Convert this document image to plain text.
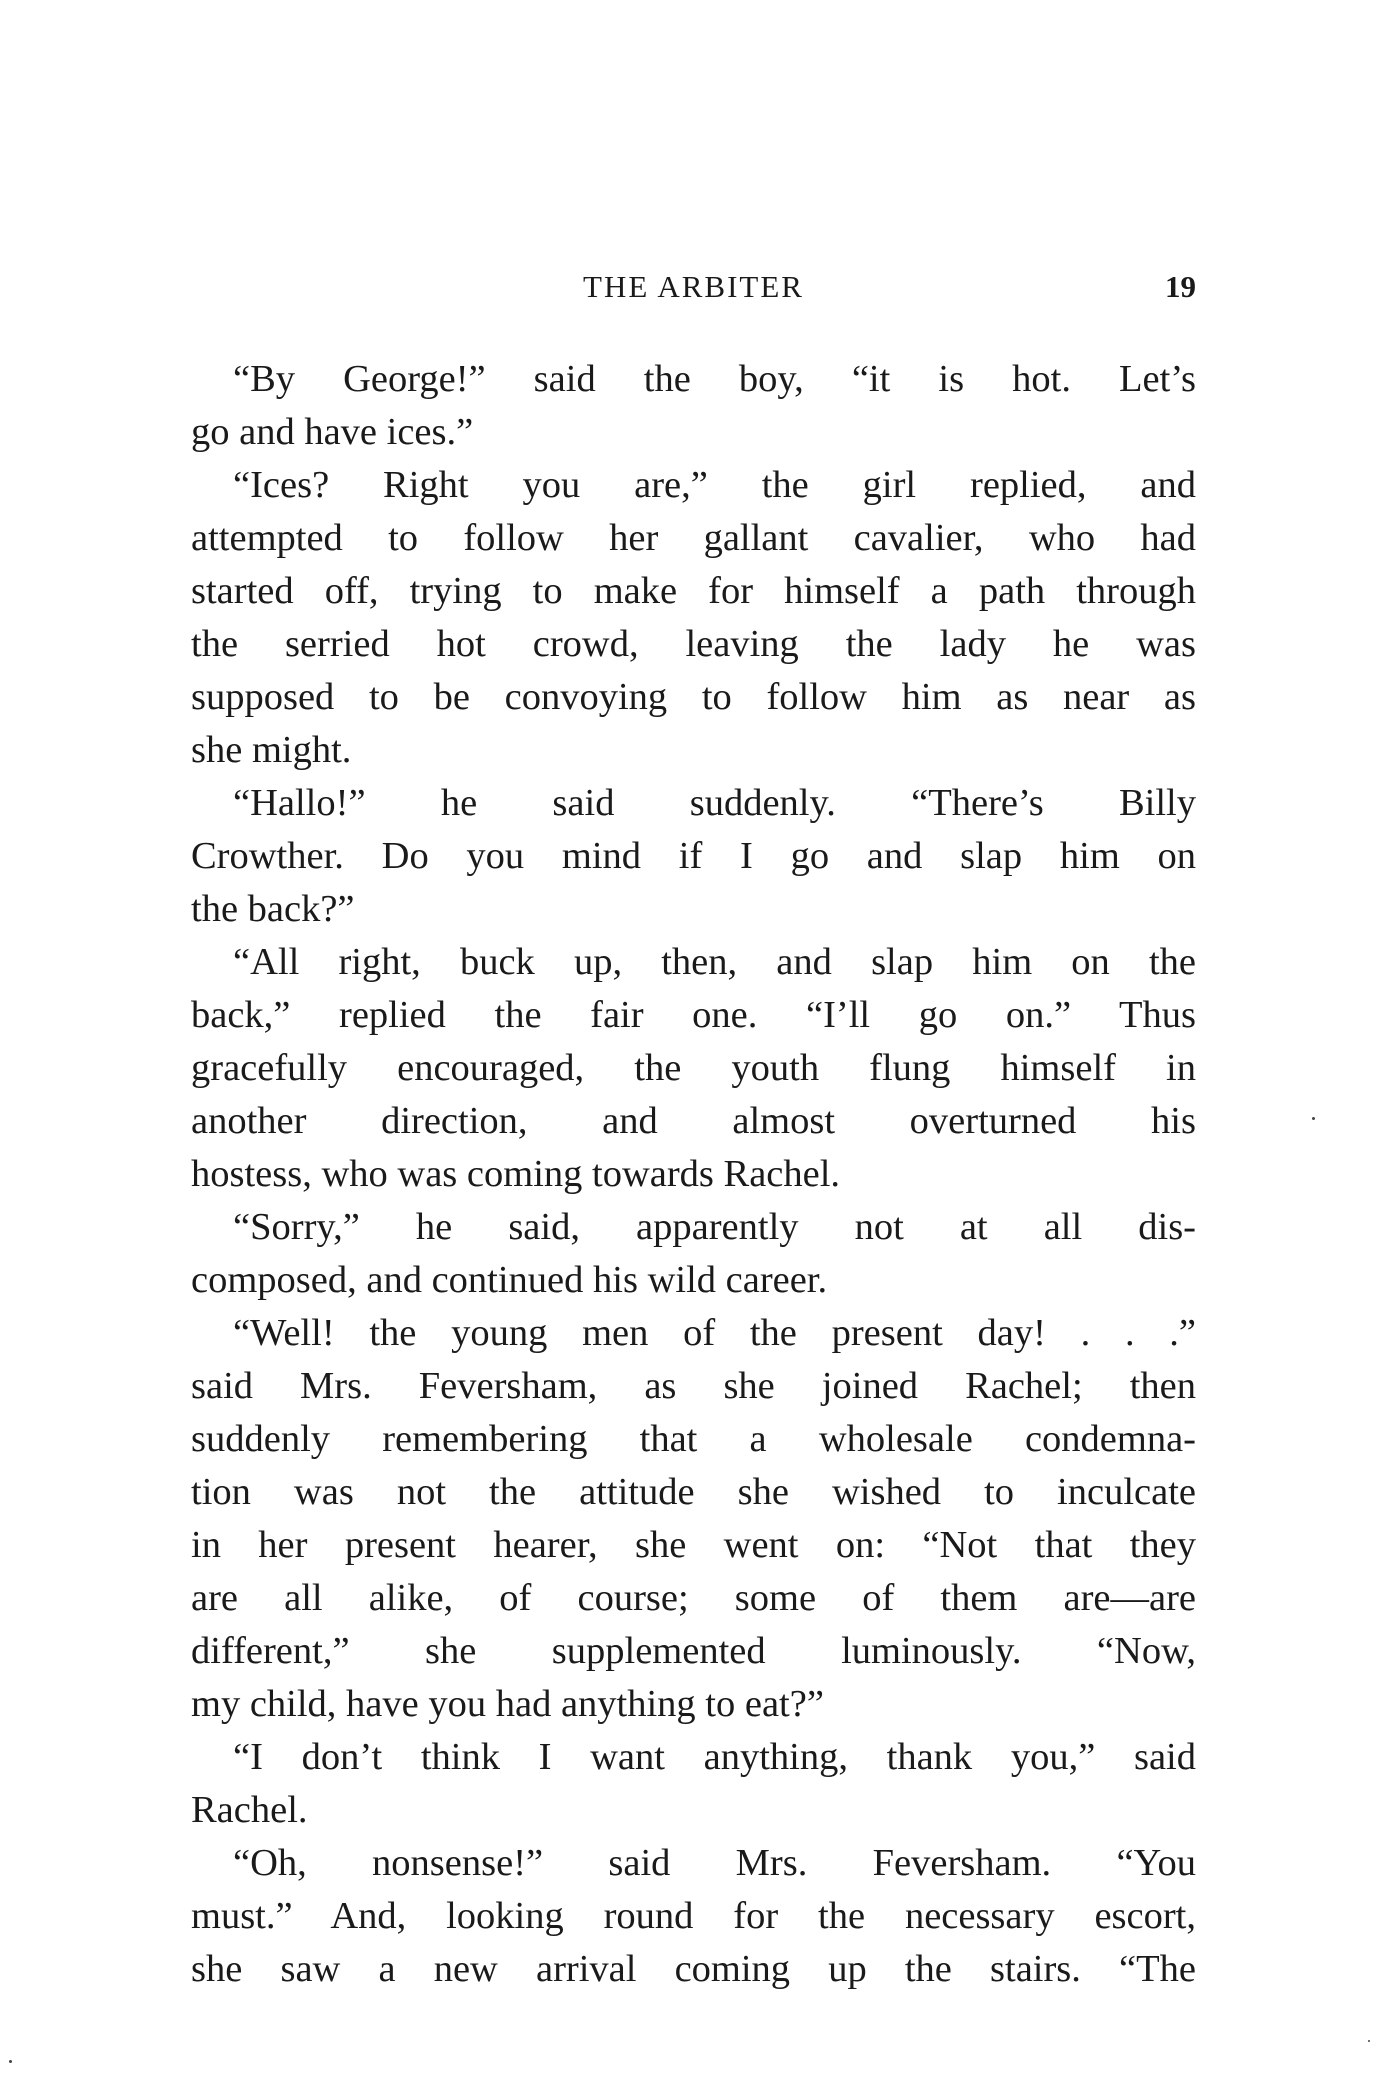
THE ARBITER	19
“By George!” said the boy, “it is hot. Let’s
go and have ices.”
“Ices? Right you are,” the girl replied, and
attempted to follow her gallant cavalier, who had
started off, trying to make for himself a path through
the serried hot crowd, leaving the lady he was
supposed to be convoying to follow him as near as
she might.
“Hallo!” he said suddenly. “There’s Billy
Crowther. Do you mind if I go and slap him on
the back?”
“All right, buck up, then, and slap him on the
back,” replied the fair one. “I’ll go on.” Thus
gracefully encouraged, the youth flung himself in
another direction, and almost overturned his
hostess, who was coming towards Rachel.
“Sorry,” he said, apparently not at all dis-
composed, and continued his wild career.
“Well! the young men of the present day! . . .”
said Mrs. Feversham, as she joined Rachel; then
suddenly remembering that a wholesale condemna-
tion was not the attitude she wished to inculcate
in her present hearer, she went on: “Not that they
are all alike, of course; some of them are—are
different,” she supplemented luminously. “Now,
my child, have you had anything to eat?”
“I don’t think I want anything, thank you,” said
Rachel.
“Oh, nonsense!” said Mrs. Feversham. “You
must.” And, looking round for the necessary escort,
she saw a new arrival coming up the stairs. “The
